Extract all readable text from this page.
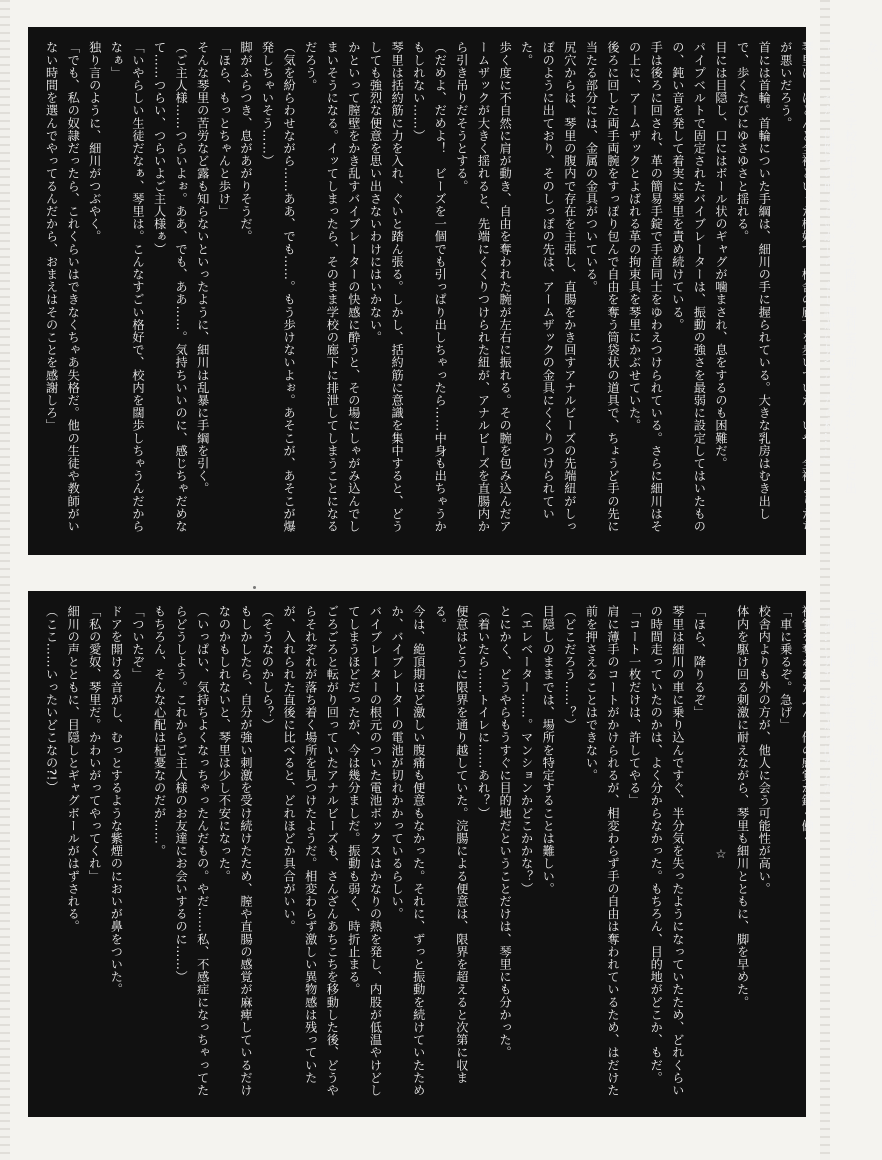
ない。

（……ここ、学校の中よね？　あ、この階段、理科室の前なんだわ……。右に出て……。やだ、保健室の前くらいかしら。もし誰かに見つかったら私……）

琴里は、ほとんど全裸といった格好で、校舎の廊下を歩いていた。いや、全裸よりたちが悪いだろう。

首には首輪。首輪についた手綱は、細川の手に握られている。大きな乳房はむき出しで、歩くたびにゆさゆさと揺れる。

目には目隠し、口にはボール状のギャグが噛まされ、息をするのも困難だ。

パイプベルトで固定されたバイブレーターは、振動の強さを最弱に設定してはいたものの、鈍い音を発して着実に琴里を責め続けている。

手は後ろに回され、革の簡易手錠で手首同士をゆわえつけられている。さらに細川はその上に、アームザックとよばれる革の拘束具を琴里にかぶせていた。

後ろに回した両手両腕をすっぽり包んで自由を奪う筒袋状の道具で、ちょうど手の先に当たる部分には、金属の金具がついている。

尻穴からは、琴里の腹内で存在を主張し、直腸をかき回すアナルビーズの先端紐がしっぽのように出ており、そのしっぽの先は、アームザックの金具にくくりつけられていた。

歩く度に不自然に肩が動き、自由を奪われた腕が左右に振れる。その腕を包み込んだアームザックが大きく揺れると、先端にくくりつけられた紐が、アナルビーズを直腸内から引き吊りだそうとする。

（だめよ、だめよ！　ビーズを一個でも引っぱり出しちゃったら……中身も出ちゃうかもしれない……）

琴里は括約筋に力を入れ、ぐいと踏ん張る。しかし、括約筋に意識を集中すると、どうしても強烈な便意を思い出さないわけにはいかない。

かといって膣壁をかき乱すバイブレーターの快感に酔うと、その場にしゃがみ込んでしまいそうになる。イッてしまったら、そのまま学校の廊下に排泄してしまうことになるだろう。

（気を紛らわせながら……ああ、でも……。もう歩けないよぉ。あそこが、あそこが爆発しちゃいそう……）

脚がふらつき、息があがりそうだ。

「ほら、もっとちゃんと歩け」

そんな琴里の苦労など露も知らないといったように、細川は乱暴に手綱を引く。

（ご主人様……つらいよぉ。ああ、でも、ああ……。気持ちいいのに、感じちゃだめなて……つらい、つらいよご主人様ぁ）

「いやらしい生徒だなぁ、琴里は。こんなすごい格好で、校内を闊歩しちゃうんだからなぁ」

独り言のように、細川がつぶやく。

「でも、私の奴隷だったら、これくらいはできなくちゃあ失格だ。他の生徒や教師がいない時間を選んでやってるんだから、おまえはそのことを感謝しろ」

（ご主人様……でも私、恥ずかしくて仕方がないんです！）

一瞬、肌をなでる空気が変わったような気がした。

（あ……外だ。校舎から出たんだ）

視覚を奪われたぶん、他の感覚が鋭く働く。

「車に乗るぞ。急げ」

校舎内よりも外の方が、他人に会う可能性が高い。

体内を駆け回る刺激に耐えながら、琴里も細川とともに、脚を早めた。

☆

「ほら、降りるぞ」

琴里は細川の車に乗り込んですぐ、半分気を失ったようになっていたため、どれくらいの時間走っていたのかは、よく分からなかった。もちろん、目的地がどこか、もだ。

「コート一枚だけは、許してやる」

肩に薄手のコートがかけられるが、相変わらず手の自由は奪われているため、はだけた前を押さえることはできない。

（どこだろう……？）

目隠しのままでは、場所を特定することは難しい。

（エレベーター……。マンションかどこかかな？）

とにかく、どうやらもうすぐに目的地だということだけは、琴里にも分かった。

（着いたら……トイレに……あれ？）

便意はとうに限界を通り越していた。浣腸による便意は、限界を超えると次第に収まる。

今は、絶頂期ほど激しい腹痛も便意もなかった。それに、ずっと振動を続けていたためか、バイブレーターの電池が切れかかっているらしい。

バイブレーターの根元のついた電池ボックスはかなりの熱を発し、内股が低温やけどしてしまうほどだったが、今は幾分ましだ。振動も弱く、時折止まる。

ごろごろと転がり回っていたアナルビーズも、さんざんあちこちを移動した後、どうやらそれぞれが落ち着く場所を見つけたようだ。相変わらず激しい異物感は残っていたが、入れられた直後に比べると、どれほどか具合がいい。

（そうなのかしら？）

もしかしたら、自分が強い刺激を受け続けたため、膣や直腸の感覚が麻痺しているだけなのかもしれないと、琴里は少し不安になった。

（いっぱい、気持ちよくなっちゃったんだもの。やだ……私、不感症になっちゃってたらどうしよう。これからご主人様のお友達にお会いするのに……）

もちろん、そんな心配は杞憂なのだが……。

「ついたぞ」

ドアを開ける音がし、むっとするような紫煙のにおいが鼻をついた。

「私の愛奴、琴里だ。かわいがってやってくれ」

細川の声とともに、目隠しとギャグボールがはずされる。

（ここ……いったいどこなの?!）
